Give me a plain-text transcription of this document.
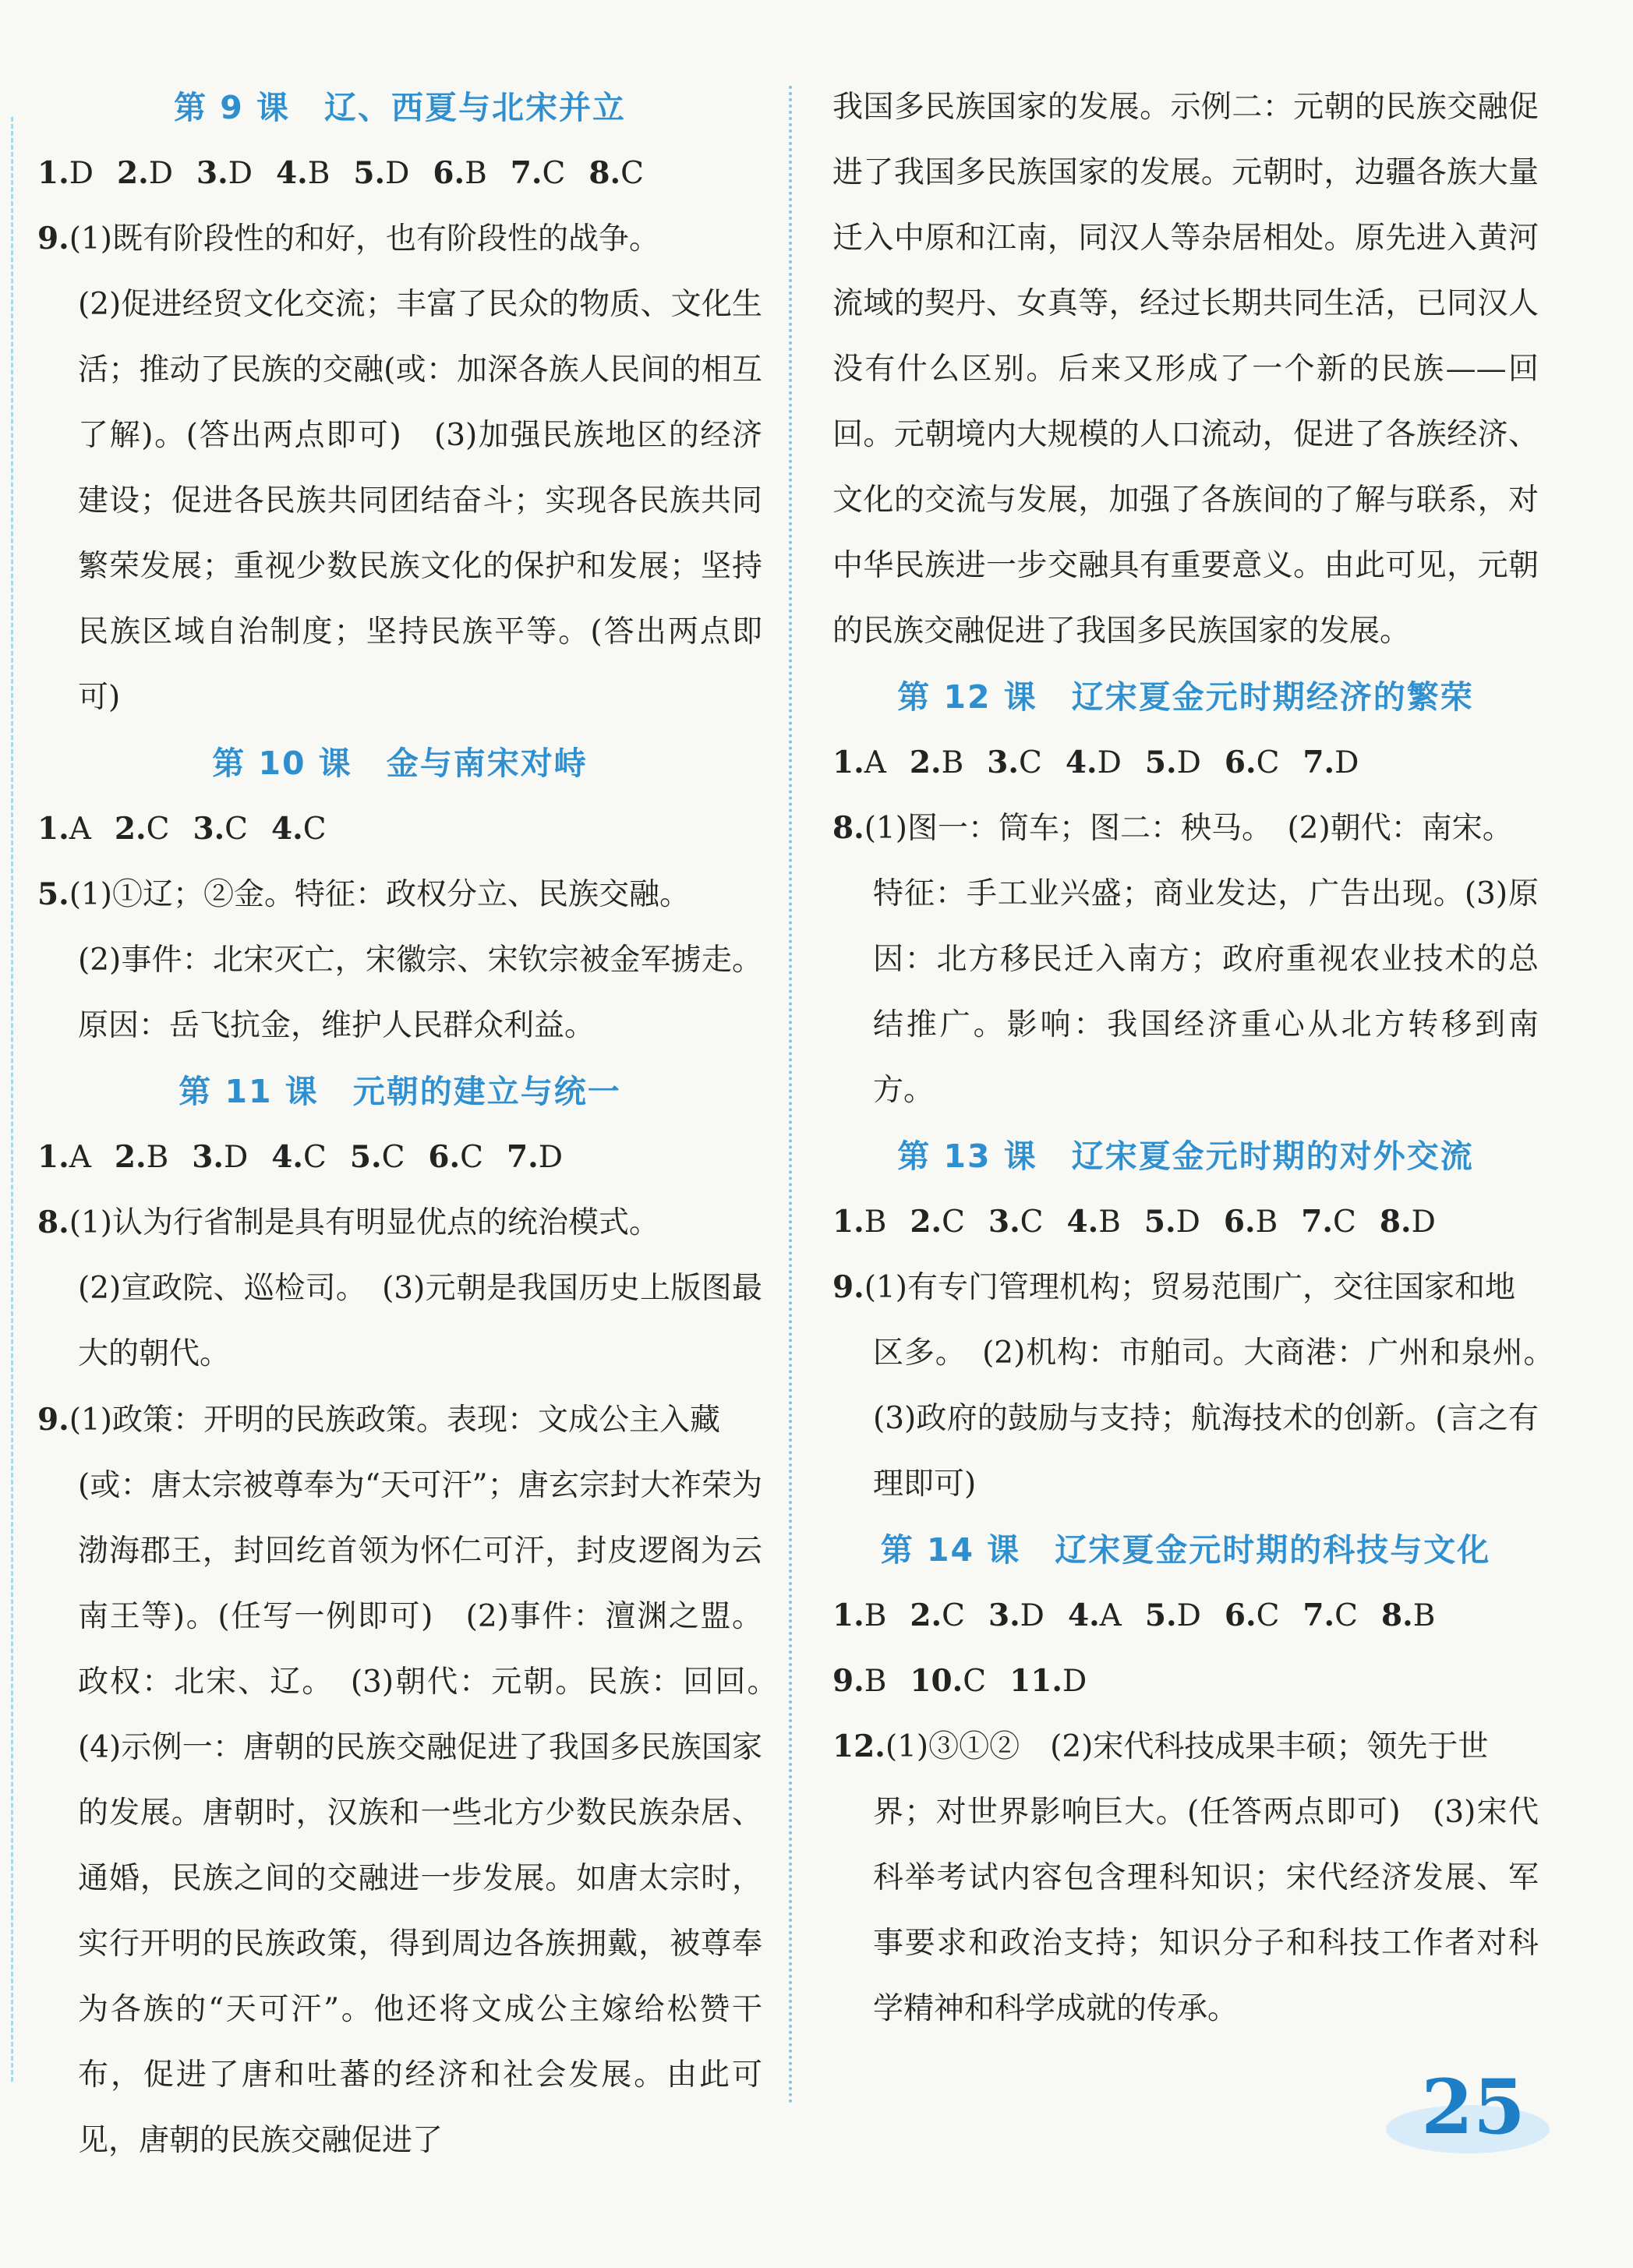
第 9 课 辽、西夏与北宋并立
1.D 2.D 3.D 4.B 5.D 6.B 7.C 8.C
9.(1)既有阶段性的和好，也有阶段性的战争。
(2)促进经贸文化交流；丰富了民众的物质、文化生活；推动了民族的交融(或：加深各族人民间的相互了解)。(答出两点即可)　(3)加强民族地区的经济建设；促进各民族共同团结奋斗；实现各民族共同繁荣发展；重视少数民族文化的保护和发展；坚持民族区域自治制度；坚持民族平等。(答出两点即可)
第 10 课 金与南宋对峙
1.A 2.C 3.C 4.C
5.(1)①辽；②金。特征：政权分立、民族交融。
(2)事件：北宋灭亡，宋徽宗、宋钦宗被金军掳走。原因：岳飞抗金，维护人民群众利益。
第 11 课 元朝的建立与统一
1.A 2.B 3.D 4.C 5.C 6.C 7.D
8.(1)认为行省制是具有明显优点的统治模式。
(2)宣政院、巡检司。　(3)元朝是我国历史上版图最大的朝代。
9.(1)政策：开明的民族政策。表现：文成公主入藏
(或：唐太宗被尊奉为“天可汗”；唐玄宗封大祚荣为渤海郡王，封回纥首领为怀仁可汗，封皮逻阁为云南王等)。(任写一例即可)　(2)事件：澶渊之盟。政权：北宋、辽。　(3)朝代：元朝。民族：回回。　(4)示例一：唐朝的民族交融促进了我国多民族国家的发展。唐朝时，汉族和一些北方少数民族杂居、通婚，民族之间的交融进一步发展。如唐太宗时，实行开明的民族政策，得到周边各族拥戴，被尊奉为各族的“天可汗”。他还将文成公主嫁给松赞干布，促进了唐和吐蕃的经济和社会发展。由此可见，唐朝的民族交融促进了
我国多民族国家的发展。示例二：元朝的民族交融促进了我国多民族国家的发展。元朝时，边疆各族大量迁入中原和江南，同汉人等杂居相处。原先进入黄河流域的契丹、女真等，经过长期共同生活，已同汉人没有什么区别。后来又形成了一个新的民族——回回。元朝境内大规模的人口流动，促进了各族经济、文化的交流与发展，加强了各族间的了解与联系，对中华民族进一步交融具有重要意义。由此可见，元朝的民族交融促进了我国多民族国家的发展。
第 12 课 辽宋夏金元时期经济的繁荣
1.A 2.B 3.C 4.D 5.D 6.C 7.D
8.(1)图一：筒车；图二：秧马。　(2)朝代：南宋。
特征：手工业兴盛；商业发达，广告出现。(3)原因：北方移民迁入南方；政府重视农业技术的总结推广。影响：我国经济重心从北方转移到南方。
第 13 课 辽宋夏金元时期的对外交流
1.B 2.C 3.C 4.B 5.D 6.B 7.C 8.D
9.(1)有专门管理机构；贸易范围广，交往国家和地
区多。　(2)机构：市舶司。大商港：广州和泉州。　(3)政府的鼓励与支持；航海技术的创新。(言之有理即可)
第 14 课 辽宋夏金元时期的科技与文化
1.B 2.C 3.D 4.A 5.D 6.C 7.C 8.B
9.B 10.C 11.D
12.(1)③①②　(2)宋代科技成果丰硕；领先于世
界；对世界影响巨大。(任答两点即可)　(3)宋代科举考试内容包含理科知识；宋代经济发展、军事要求和政治支持；知识分子和科技工作者对科学精神和科学成就的传承。
25
